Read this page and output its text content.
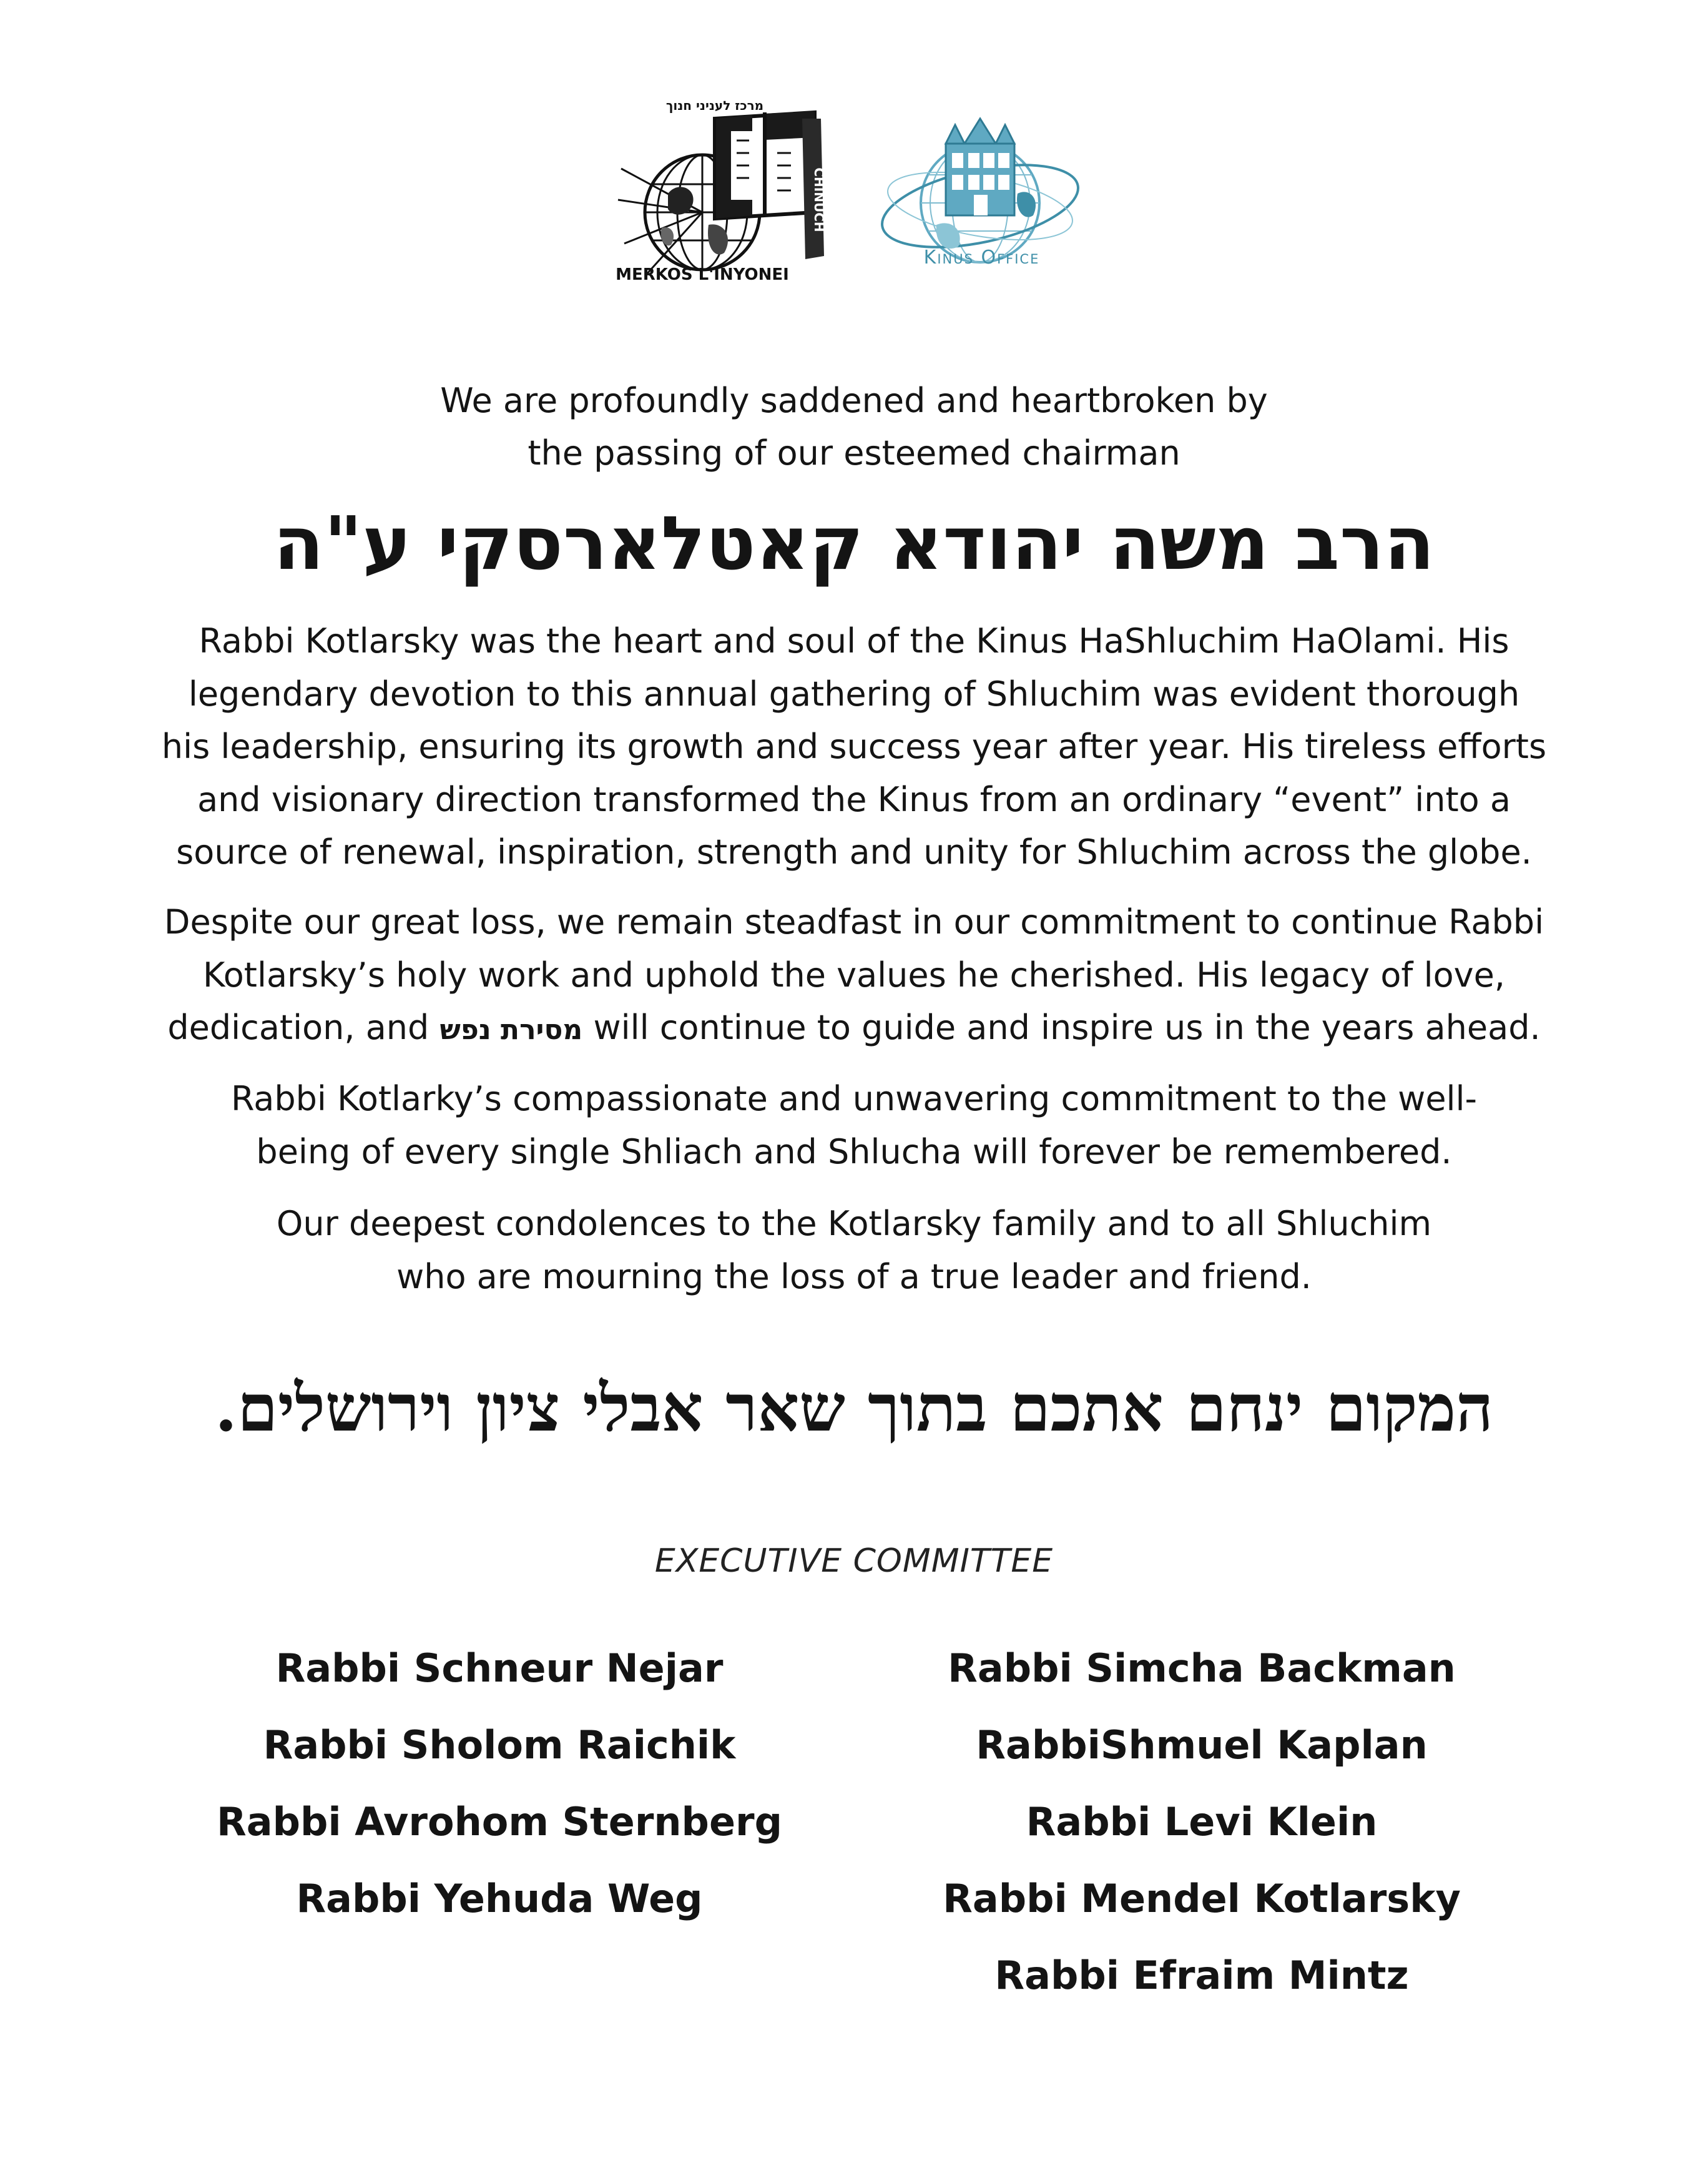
מרכז לעניני חנוך
CHINUCH
MERKOS L'INYONEI
Kinus Office
We are profoundly saddened and heartbroken by
the passing of our esteemed chairman
הרב משה יהודא קאטלארסקי ע"ה
Rabbi Kotlarsky was the heart and soul of the Kinus HaShluchim HaOlami. His
legendary devotion to this annual gathering of Shluchim was evident thorough
his leadership, ensuring its growth and success year after year. His tireless efforts
and visionary direction transformed the Kinus from an ordinary “event” into a
source of renewal, inspiration, strength and unity for Shluchim across the globe.
Despite our great loss, we remain steadfast in our commitment to continue Rabbi
Kotlarsky’s holy work and uphold the values he cherished. His legacy of love,
dedication, and מסירת נפש will continue to guide and inspire us in the years ahead.
Rabbi Kotlarky’s compassionate and unwavering commitment to the well-
being of every single Shliach and Shlucha will forever be remembered.
Our deepest condolences to the Kotlarsky family and to all Shluchim
who are mourning the loss of a true leader and friend.
המקום ינחם אתכם בתוך שאר אבלי ציון וירושלים.
EXECUTIVE COMMITTEE
Rabbi Schneur Nejar
Rabbi Sholom Raichik
Rabbi Avrohom Sternberg
Rabbi Yehuda Weg
Rabbi Simcha Backman
RabbiShmuel Kaplan
Rabbi Levi Klein
Rabbi Mendel Kotlarsky
Rabbi Efraim Mintz
